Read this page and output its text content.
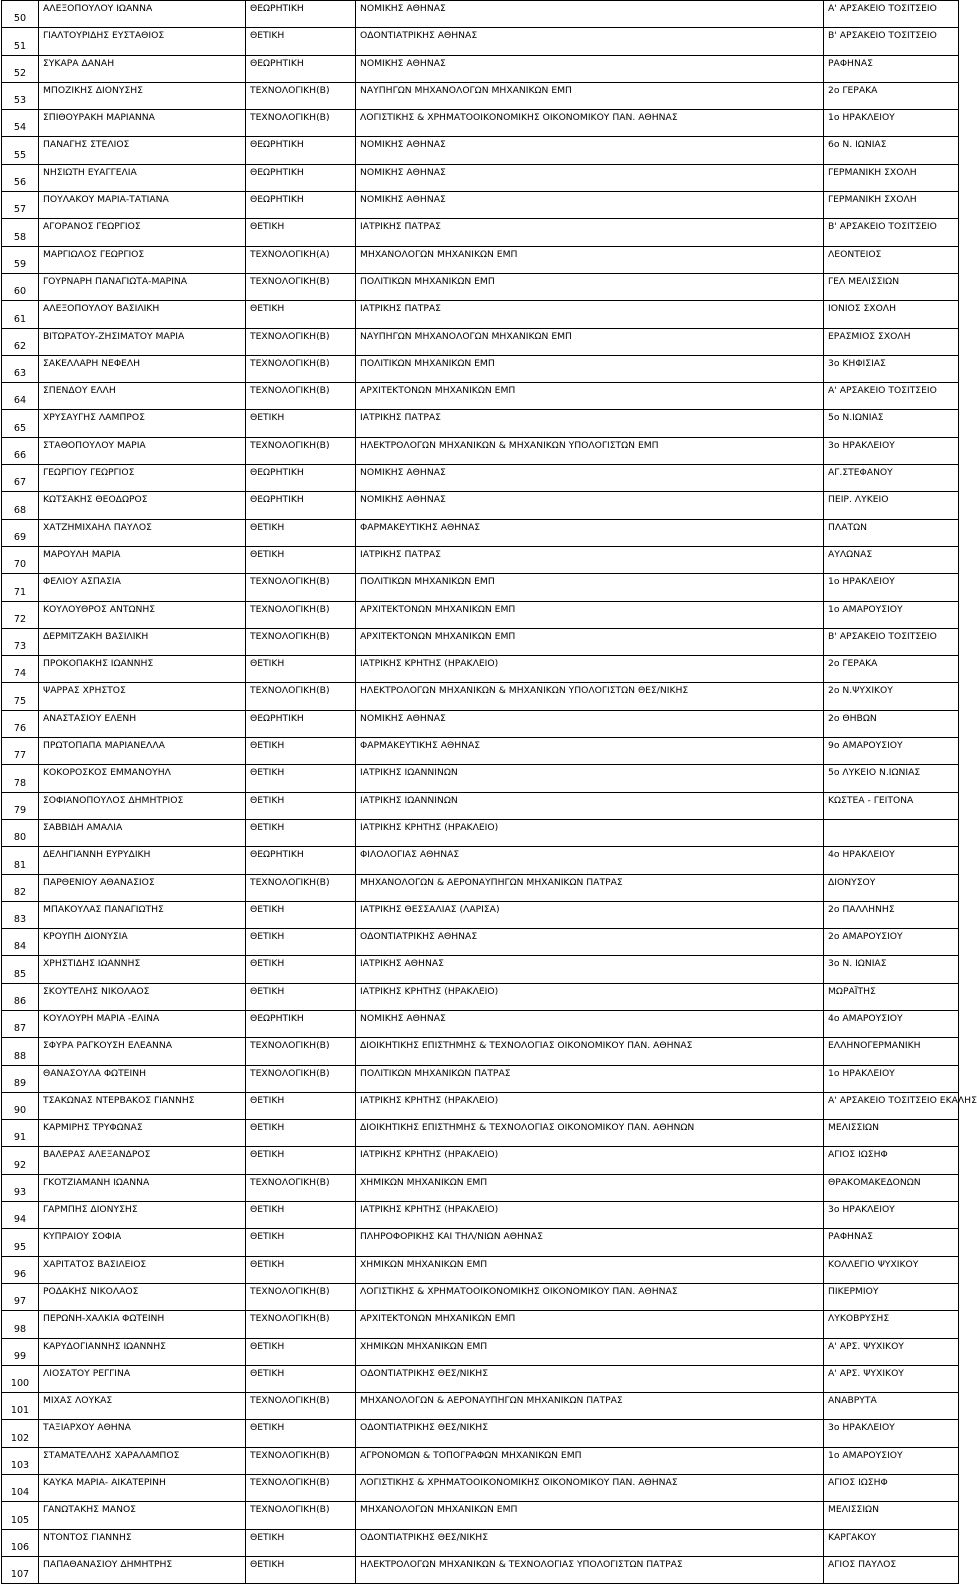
50	ΑΛΕΞΟΠΟΥΛΟΥ ΙΩΑΝΝΑ	ΘΕΩΡΗΤΙΚΗ	ΝΟΜΙΚΗΣ ΑΘΗΝΑΣ	Α' ΑΡΣΑΚΕΙΟ ΤΟΣΙΤΣΕΙΟ
51	ΓΙΑΛΤΟΥΡΙΔΗΣ ΕΥΣΤΑΘΙΟΣ	ΘΕΤΙΚΗ	ΟΔΟΝΤΙΑΤΡΙΚΗΣ ΑΘΗΝΑΣ	Β' ΑΡΣΑΚΕΙΟ ΤΟΣΙΤΣΕΙΟ
52	ΣΥΚΑΡΑ ΔΑΝΑΗ	ΘΕΩΡΗΤΙΚΗ	ΝΟΜΙΚΗΣ ΑΘΗΝΑΣ	ΡΑΦΗΝΑΣ
53	ΜΠΟΖΙΚΗΣ ΔΙΟΝΥΣΗΣ	ΤΕΧΝΟΛΟΓΙΚΗ(Β)	ΝΑΥΠΗΓΩΝ ΜΗΧΑΝΟΛΟΓΩΝ ΜΗΧΑΝΙΚΩΝ ΕΜΠ	2ο ΓΕΡΑΚΑ
54	ΣΠΙΘΟΥΡΑΚΗ ΜΑΡΙΑΝΝΑ	ΤΕΧΝΟΛΟΓΙΚΗ(Β)	ΛΟΓΙΣΤΙΚΗΣ & ΧΡΗΜΑΤΟΟΙΚΟΝΟΜΙΚΗΣ ΟΙΚΟΝΟΜΙΚΟΥ ΠΑΝ. ΑΘΗΝΑΣ	1ο ΗΡΑΚΛΕΙΟΥ
55	ΠΑΝΑΓΗΣ ΣΤΕΛΙΟΣ	ΘΕΩΡΗΤΙΚΗ	ΝΟΜΙΚΗΣ ΑΘΗΝΑΣ	6ο Ν. ΙΩΝΙΑΣ
56	ΝΗΣΙΩΤΗ ΕΥΑΓΓΕΛΙΑ	ΘΕΩΡΗΤΙΚΗ	ΝΟΜΙΚΗΣ ΑΘΗΝΑΣ	ΓΕΡΜΑΝΙΚΗ ΣΧΟΛΗ
57	ΠΟΥΛΑΚΟΥ ΜΑΡΙΑ-ΤΑΤΙΑΝΑ	ΘΕΩΡΗΤΙΚΗ	ΝΟΜΙΚΗΣ ΑΘΗΝΑΣ	ΓΕΡΜΑΝΙΚΗ ΣΧΟΛΗ
58	ΑΓΟΡΑΝΟΣ ΓΕΩΡΓΙΟΣ	ΘΕΤΙΚΗ	ΙΑΤΡΙΚΗΣ ΠΑΤΡΑΣ	Β' ΑΡΣΑΚΕΙΟ ΤΟΣΙΤΣΕΙΟ
59	ΜΑΡΓΙΩΛΟΣ ΓΕΩΡΓΙΟΣ	ΤΕΧΝΟΛΟΓΙΚΗ(Α)	ΜΗΧΑΝΟΛΟΓΩΝ ΜΗΧΑΝΙΚΩΝ ΕΜΠ	ΛΕΟΝΤΕΙΟΣ
60	ΓΟΥΡΝΑΡΗ ΠΑΝΑΓΙΩΤΑ-ΜΑΡΙΝΑ	ΤΕΧΝΟΛΟΓΙΚΗ(Β)	ΠΟΛΙΤΙΚΩΝ ΜΗΧΑΝΙΚΩΝ ΕΜΠ	ΓΕΛ ΜΕΛΙΣΣΙΩΝ
61	ΑΛΕΞΟΠΟΥΛΟΥ ΒΑΣΙΛΙΚΗ	ΘΕΤΙΚΗ	ΙΑΤΡΙΚΗΣ ΠΑΤΡΑΣ	ΙΟΝΙΟΣ ΣΧΟΛΗ
62	ΒΙΤΩΡΑΤΟΥ-ΖΗΣΙΜΑΤΟΥ ΜΑΡΙΑ	ΤΕΧΝΟΛΟΓΙΚΗ(Β)	ΝΑΥΠΗΓΩΝ ΜΗΧΑΝΟΛΟΓΩΝ ΜΗΧΑΝΙΚΩΝ ΕΜΠ	ΕΡΑΣΜΙΟΣ ΣΧΟΛΗ
63	ΣΑΚΕΛΛΑΡΗ ΝΕΦΕΛΗ	ΤΕΧΝΟΛΟΓΙΚΗ(Β)	ΠΟΛΙΤΙΚΩΝ ΜΗΧΑΝΙΚΩΝ ΕΜΠ	3ο ΚΗΦΙΣΙΑΣ
64	ΣΠΕΝΔΟΥ ΕΛΛΗ	ΤΕΧΝΟΛΟΓΙΚΗ(Β)	ΑΡΧΙΤΕΚΤΟΝΩΝ ΜΗΧΑΝΙΚΩΝ ΕΜΠ	Α' ΑΡΣΑΚΕΙΟ ΤΟΣΙΤΣΕΙΟ
65	ΧΡΥΣΑΥΓΗΣ ΛΑΜΠΡΟΣ	ΘΕΤΙΚΗ	ΙΑΤΡΙΚΗΣ ΠΑΤΡΑΣ	5ο Ν.ΙΩΝΙΑΣ
66	ΣΤΑΘΟΠΟΥΛΟΥ ΜΑΡΙΑ	ΤΕΧΝΟΛΟΓΙΚΗ(Β)	ΗΛΕΚΤΡΟΛΟΓΩΝ ΜΗΧΑΝΙΚΩΝ & ΜΗΧΑΝΙΚΩΝ ΥΠΟΛΟΓΙΣΤΩΝ ΕΜΠ	3ο ΗΡΑΚΛΕΙΟΥ
67	ΓΕΩΡΓΙΟΥ ΓΕΩΡΓΙΟΣ	ΘΕΩΡΗΤΙΚΗ	ΝΟΜΙΚΗΣ ΑΘΗΝΑΣ	ΑΓ.ΣΤΕΦΑΝΟΥ
68	ΚΩΤΣΑΚΗΣ ΘΕΟΔΩΡΟΣ	ΘΕΩΡΗΤΙΚΗ	ΝΟΜΙΚΗΣ ΑΘΗΝΑΣ	ΠΕΙΡ. ΛΥΚΕΙΟ
69	ΧΑΤΖΗΜΙΧΑΗΛ ΠΑΥΛΟΣ	ΘΕΤΙΚΗ	ΦΑΡΜΑΚΕΥΤΙΚΗΣ ΑΘΗΝΑΣ	ΠΛΑΤΩΝ
70	ΜΑΡΟΥΛΗ ΜΑΡΙΑ	ΘΕΤΙΚΗ	ΙΑΤΡΙΚΗΣ ΠΑΤΡΑΣ	ΑΥΛΩΝΑΣ
71	ΦΕΛΙΟΥ ΑΣΠΑΣΙΑ	ΤΕΧΝΟΛΟΓΙΚΗ(Β)	ΠΟΛΙΤΙΚΩΝ ΜΗΧΑΝΙΚΩΝ ΕΜΠ	1ο ΗΡΑΚΛΕΙΟΥ
72	ΚΟΥΛΟΥΘΡΟΣ ΑΝΤΩΝΗΣ	ΤΕΧΝΟΛΟΓΙΚΗ(Β)	ΑΡΧΙΤΕΚΤΟΝΩΝ ΜΗΧΑΝΙΚΩΝ ΕΜΠ	1ο ΑΜΑΡΟΥΣΙΟΥ
73	ΔΕΡΜΙΤΖΑΚΗ ΒΑΣΙΛΙΚΗ	ΤΕΧΝΟΛΟΓΙΚΗ(Β)	ΑΡΧΙΤΕΚΤΟΝΩΝ ΜΗΧΑΝΙΚΩΝ ΕΜΠ	Β' ΑΡΣΑΚΕΙΟ ΤΟΣΙΤΣΕΙΟ
74	ΠΡΟΚΟΠΑΚΗΣ ΙΩΑΝΝΗΣ	ΘΕΤΙΚΗ	ΙΑΤΡΙΚΗΣ ΚΡΗΤΗΣ (ΗΡΑΚΛΕΙΟ)	2ο ΓΕΡΑΚΑ
75	ΨΑΡΡΑΣ ΧΡΗΣΤΟΣ	ΤΕΧΝΟΛΟΓΙΚΗ(Β)	ΗΛΕΚΤΡΟΛΟΓΩΝ ΜΗΧΑΝΙΚΩΝ & ΜΗΧΑΝΙΚΩΝ ΥΠΟΛΟΓΙΣΤΩΝ ΘΕΣ/ΝΙΚΗΣ	2ο Ν.ΨΥΧΙΚΟΥ
76	ΑΝΑΣΤΑΣΙΟΥ ΕΛΕΝΗ	ΘΕΩΡΗΤΙΚΗ	ΝΟΜΙΚΗΣ ΑΘΗΝΑΣ	2ο ΘΗΒΩΝ
77	ΠΡΩΤΟΠΑΠΑ ΜΑΡΙΑΝΕΛΛΑ	ΘΕΤΙΚΗ	ΦΑΡΜΑΚΕΥΤΙΚΗΣ ΑΘΗΝΑΣ	9ο ΑΜΑΡΟΥΣΙΟΥ
78	ΚΟΚΟΡΟΣΚΟΣ ΕΜΜΑΝΟΥΗΛ	ΘΕΤΙΚΗ	ΙΑΤΡΙΚΗΣ ΙΩΑΝΝΙΝΩΝ	5ο ΛΥΚΕΙΟ Ν.ΙΩΝΙΑΣ
79	ΣΟΦΙΑΝΟΠΟΥΛΟΣ ΔΗΜΗΤΡΙΟΣ	ΘΕΤΙΚΗ	ΙΑΤΡΙΚΗΣ ΙΩΑΝΝΙΝΩΝ	ΚΩΣΤΕΑ - ΓΕΙΤΟΝΑ
80	ΣΑΒΒΙΔΗ ΑΜΑΛΙΑ	ΘΕΤΙΚΗ	ΙΑΤΡΙΚΗΣ ΚΡΗΤΗΣ (ΗΡΑΚΛΕΙΟ)	
81	ΔΕΛΗΓΙΑΝΝΗ ΕΥΡΥΔΙΚΗ	ΘΕΩΡΗΤΙΚΗ	ΦΙΛΟΛΟΓΙΑΣ ΑΘΗΝΑΣ	4ο ΗΡΑΚΛΕΙΟΥ
82	ΠΑΡΘΕΝΙΟΥ ΑΘΑΝΑΣΙΟΣ	ΤΕΧΝΟΛΟΓΙΚΗ(Β)	ΜΗΧΑΝΟΛΟΓΩΝ & ΑΕΡΟΝΑΥΠΗΓΩΝ ΜΗΧΑΝΙΚΩΝ ΠΑΤΡΑΣ	ΔΙΟΝΥΣΟΥ
83	ΜΠΑΚΟΥΛΑΣ ΠΑΝΑΓΙΩΤΗΣ	ΘΕΤΙΚΗ	ΙΑΤΡΙΚΗΣ ΘΕΣΣΑΛΙΑΣ (ΛΑΡΙΣΑ)	2ο ΠΑΛΛΗΝΗΣ
84	ΚΡΟΥΠΗ ΔΙΟΝΥΣΙΑ	ΘΕΤΙΚΗ	ΟΔΟΝΤΙΑΤΡΙΚΗΣ ΑΘΗΝΑΣ	2ο ΑΜΑΡΟΥΣΙΟΥ
85	ΧΡΗΣΤΙΔΗΣ ΙΩΑΝΝΗΣ	ΘΕΤΙΚΗ	ΙΑΤΡΙΚΗΣ ΑΘΗΝΑΣ	3ο Ν. ΙΩΝΙΑΣ
86	ΣΚΟΥΤΕΛΗΣ ΝΙΚΟΛΑΟΣ	ΘΕΤΙΚΗ	ΙΑΤΡΙΚΗΣ ΚΡΗΤΗΣ (ΗΡΑΚΛΕΙΟ)	ΜΩΡΑΪΤΗΣ
87	ΚΟΥΛΟΥΡΗ ΜΑΡΙΑ -ΕΛΙΝΑ	ΘΕΩΡΗΤΙΚΗ	ΝΟΜΙΚΗΣ ΑΘΗΝΑΣ	4ο ΑΜΑΡΟΥΣΙΟΥ
88	ΣΦΥΡΑ ΡΑΓΚΟΥΣΗ ΕΛΕΑΝΝΑ	ΤΕΧΝΟΛΟΓΙΚΗ(Β)	ΔΙΟΙΚΗΤΙΚΗΣ ΕΠΙΣΤΗΜΗΣ & ΤΕΧΝΟΛΟΓΙΑΣ ΟΙΚΟΝΟΜΙΚΟΥ ΠΑΝ. ΑΘΗΝΑΣ	ΕΛΛΗΝΟΓΕΡΜΑΝΙΚΗ
89	ΘΑΝΑΣΟΥΛΑ ΦΩΤΕΙΝΗ	ΤΕΧΝΟΛΟΓΙΚΗ(Β)	ΠΟΛΙΤΙΚΩΝ ΜΗΧΑΝΙΚΩΝ ΠΑΤΡΑΣ	1ο ΗΡΑΚΛΕΙΟΥ
90	ΤΣΑΚΩΝΑΣ ΝΤΕΡΒΑΚΟΣ ΓΙΑΝΝΗΣ	ΘΕΤΙΚΗ	ΙΑΤΡΙΚΗΣ ΚΡΗΤΗΣ (ΗΡΑΚΛΕΙΟ)	Α' ΑΡΣΑΚΕΙΟ ΤΟΣΙΤΣΕΙΟ ΕΚΑΛΗΣ
91	ΚΑΡΜΙΡΗΣ ΤΡΥΦΩΝΑΣ	ΘΕΤΙΚΗ	ΔΙΟΙΚΗΤΙΚΗΣ ΕΠΙΣΤΗΜΗΣ & ΤΕΧΝΟΛΟΓΙΑΣ ΟΙΚΟΝΟΜΙΚΟΥ ΠΑΝ. ΑΘΗΝΩΝ	ΜΕΛΙΣΣΙΩΝ
92	ΒΑΛΕΡΑΣ ΑΛΕΞΑΝΔΡΟΣ	ΘΕΤΙΚΗ	ΙΑΤΡΙΚΗΣ ΚΡΗΤΗΣ (ΗΡΑΚΛΕΙΟ)	ΑΓΙΟΣ ΙΩΣΗΦ
93	ΓΚΟΤΖΙΑΜΑΝΗ ΙΩΑΝΝΑ	ΤΕΧΝΟΛΟΓΙΚΗ(Β)	ΧΗΜΙΚΩΝ ΜΗΧΑΝΙΚΩΝ ΕΜΠ	ΘΡΑΚΟΜΑΚΕΔΟΝΩΝ
94	ΓΑΡΜΠΗΣ ΔΙΟΝΥΣΗΣ	ΘΕΤΙΚΗ	ΙΑΤΡΙΚΗΣ ΚΡΗΤΗΣ (ΗΡΑΚΛΕΙΟ)	3ο ΗΡΑΚΛΕΙΟΥ
95	ΚΥΠΡΑΙΟΥ ΣΟΦΙΑ	ΘΕΤΙΚΗ	ΠΛΗΡΟΦΟΡΙΚΗΣ ΚΑΙ ΤΗΛ/ΝΙΩΝ ΑΘΗΝΑΣ	ΡΑΦΗΝΑΣ
96	ΧΑΡΙΤΑΤΟΣ ΒΑΣΙΛΕΙΟΣ	ΘΕΤΙΚΗ	ΧΗΜΙΚΩΝ ΜΗΧΑΝΙΚΩΝ ΕΜΠ	ΚΟΛΛΕΓΙΟ ΨΥΧΙΚΟΥ
97	ΡΟΔΑΚΗΣ ΝΙΚΟΛΑΟΣ	ΤΕΧΝΟΛΟΓΙΚΗ(Β)	ΛΟΓΙΣΤΙΚΗΣ & ΧΡΗΜΑΤΟΟΙΚΟΝΟΜΙΚΗΣ ΟΙΚΟΝΟΜΙΚΟΥ ΠΑΝ. ΑΘΗΝΑΣ	ΠΙΚΕΡΜΙΟΥ
98	ΠΕΡΩΝΗ-ΧΑΛΚΙΑ ΦΩΤΕΙΝΗ	ΤΕΧΝΟΛΟΓΙΚΗ(Β)	ΑΡΧΙΤΕΚΤΟΝΩΝ ΜΗΧΑΝΙΚΩΝ ΕΜΠ	ΛΥΚΟΒΡΥΣΗΣ
99	ΚΑΡΥΔΟΓΙΑΝΝΗΣ ΙΩΑΝΝΗΣ	ΘΕΤΙΚΗ	ΧΗΜΙΚΩΝ ΜΗΧΑΝΙΚΩΝ ΕΜΠ	Α' ΑΡΣ. ΨΥΧΙΚΟΥ
100	ΛΙΟΣΑΤΟΥ ΡΕΓΓΙΝΑ	ΘΕΤΙΚΗ	ΟΔΟΝΤΙΑΤΡΙΚΗΣ ΘΕΣ/ΝΙΚΗΣ	Α' ΑΡΣ. ΨΥΧΙΚΟΥ
101	ΜΙΧΑΣ ΛΟΥΚΑΣ	ΤΕΧΝΟΛΟΓΙΚΗ(Β)	ΜΗΧΑΝΟΛΟΓΩΝ & ΑΕΡΟΝΑΥΠΗΓΩΝ ΜΗΧΑΝΙΚΩΝ ΠΑΤΡΑΣ	ΑΝΑΒΡΥΤΑ
102	ΤΑΞΙΑΡΧΟΥ ΑΘΗΝΑ	ΘΕΤΙΚΗ	ΟΔΟΝΤΙΑΤΡΙΚΗΣ ΘΕΣ/ΝΙΚΗΣ	3ο ΗΡΑΚΛΕΙΟΥ
103	ΣΤΑΜΑΤΕΛΛΗΣ ΧΑΡΑΛΑΜΠΟΣ	ΤΕΧΝΟΛΟΓΙΚΗ(Β)	ΑΓΡΟΝΟΜΩΝ & ΤΟΠΟΓΡΑΦΩΝ ΜΗΧΑΝΙΚΩΝ ΕΜΠ	1ο ΑΜΑΡΟΥΣΙΟΥ
104	ΚΑΥΚΑ ΜΑΡΙΑ- ΑΙΚΑΤΕΡΙΝΗ	ΤΕΧΝΟΛΟΓΙΚΗ(Β)	ΛΟΓΙΣΤΙΚΗΣ & ΧΡΗΜΑΤΟΟΙΚΟΝΟΜΙΚΗΣ ΟΙΚΟΝΟΜΙΚΟΥ ΠΑΝ. ΑΘΗΝΑΣ	ΑΓΙΟΣ ΙΩΣΗΦ
105	ΓΑΝΩΤΑΚΗΣ ΜΑΝΟΣ	ΤΕΧΝΟΛΟΓΙΚΗ(Β)	ΜΗΧΑΝΟΛΟΓΩΝ ΜΗΧΑΝΙΚΩΝ ΕΜΠ	ΜΕΛΙΣΣΙΩΝ
106	ΝΤΟΝΤΟΣ ΓΙΑΝΝΗΣ	ΘΕΤΙΚΗ	ΟΔΟΝΤΙΑΤΡΙΚΗΣ ΘΕΣ/ΝΙΚΗΣ	ΚΑΡΓΑΚΟΥ
107	ΠΑΠΑΘΑΝΑΣΙΟΥ ΔΗΜΗΤΡΗΣ	ΘΕΤΙΚΗ	ΗΛΕΚΤΡΟΛΟΓΩΝ ΜΗΧΑΝΙΚΩΝ & ΤΕΧΝΟΛΟΓΙΑΣ ΥΠΟΛΟΓΙΣΤΩΝ ΠΑΤΡΑΣ	ΑΓΙΟΣ ΠΑΥΛΟΣ
